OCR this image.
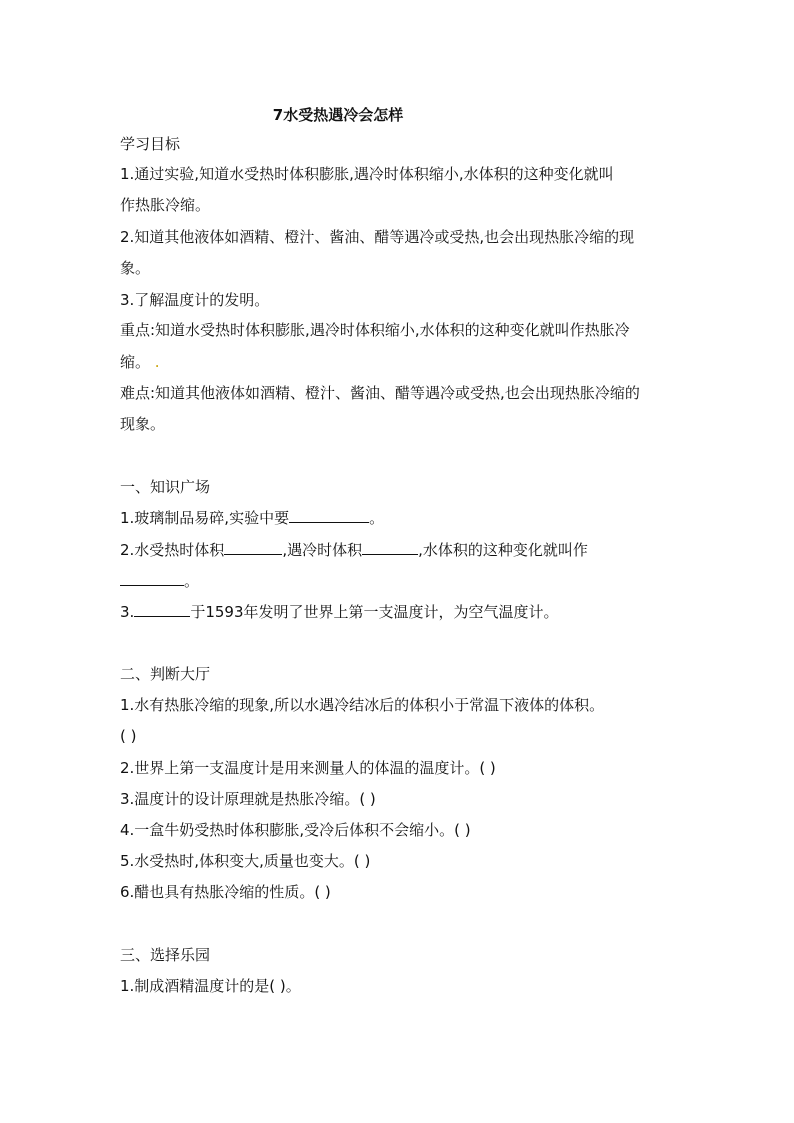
7水受热遇冷会怎样
学习目标
1.通过实验,知道水受热时体积膨胀,遇冷时体积缩小,水体积的这种变化就叫
作热胀冷缩。
2.知道其他液体如酒精、橙汁、酱油、醋等遇冷或受热,也会出现热胀冷缩的现
象。
3.了解温度计的发明。
重点:知道水受热时体积膨胀,遇冷时体积缩小,水体积的这种变化就叫作热胀冷
缩。 .
难点:知道其他液体如酒精、橙汁、酱油、醋等遇冷或受热,也会出现热胀冷缩的
现象。
一、知识广场
1.玻璃制品易碎,实验中要	。
2.水受热时体积	,遇冷时体积	,水体积的这种变化就叫作
。
3.	于1593年发明了世界上第一支温度计，为空气温度计。
二、判断大厅
1.水有热胀冷缩的现象,所以水遇冷结冰后的体积小于常温下液体的体积。
( )
2.世界上第一支温度计是用来测量人的体温的温度计。( )
3.温度计的设计原理就是热胀冷缩。( )
4.一盒牛奶受热时体积膨胀,受冷后体积不会缩小。( )
5.水受热时,体积变大,质量也变大。( )
6.醋也具有热胀冷缩的性质。( )
三、选择乐园
1.制成酒精温度计的是( )。
